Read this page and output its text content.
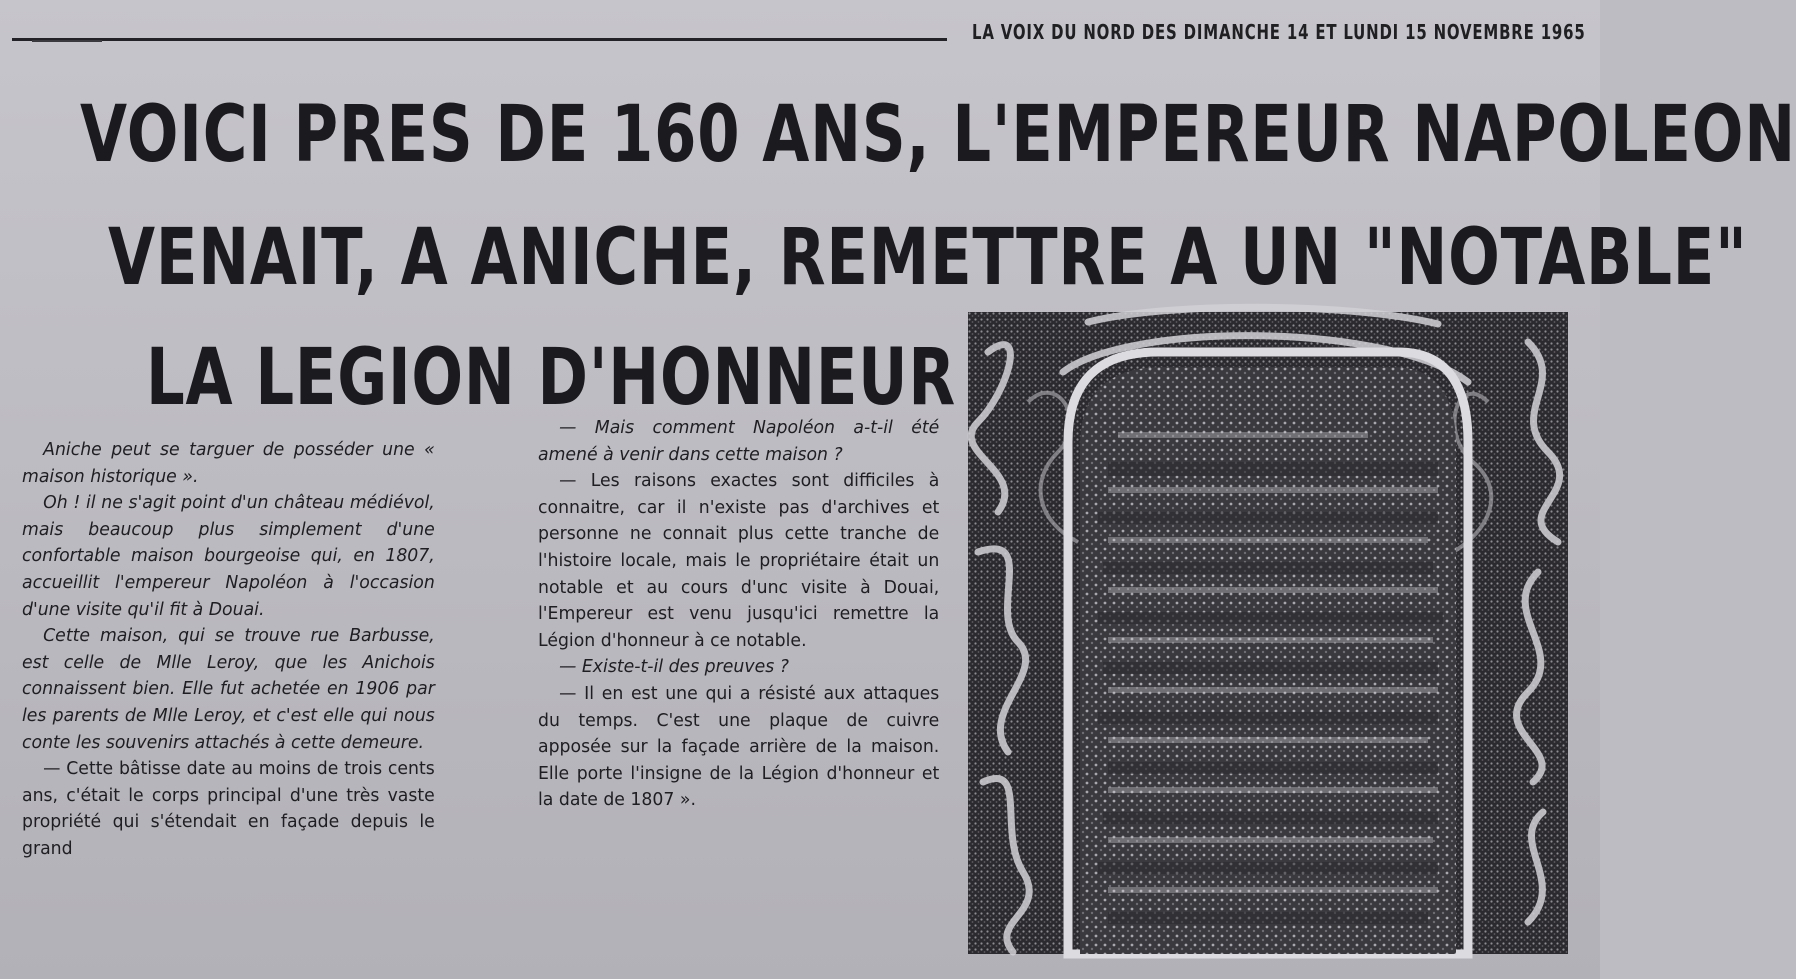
LA VOIX DU NORD DES DIMANCHE 14 ET LUNDI 15 NOVEMBRE 1965
VOICI PRES DE 160 ANS, L'EMPEREUR NAPOLEON
VENAIT, A ANICHE, REMETTRE A UN "NOTABLE"
LA LEGION D'HONNEUR

Aniche peut se targuer de posséder une « maison historique ».

Oh ! il ne s'agit point d'un château médiévol, mais beaucoup plus simplement d'une confortable maison bourgeoise qui, en 1807, accueillit l'empereur Napoléon à l'occasion d'une visite qu'il fit à Douai.

Cette maison, qui se trouve rue Barbusse, est celle de Mlle Leroy, que les Anichois connaissent bien. Elle fut achetée en 1906 par les parents de Mlle Leroy, et c'est elle qui nous conte les souvenirs attachés à cette demeure.

— Cette bâtisse date au moins de trois cents ans, c'était le corps principal d'une très vaste propriété qui s'étendait en façade depuis le grand

— Mais comment Napoléon a-t-il été amené à venir dans cette maison ?

— Les raisons exactes sont difficiles à connaitre, car il n'existe pas d'archives et personne ne connait plus cette tranche de l'histoire locale, mais le propriétaire était un notable et au cours d'unc visite à Douai, l'Empereur est venu jusqu'ici remettre la Légion d'honneur à ce notable.

— Existe-t-il des preuves ?

— Il en est une qui a résisté aux attaques du temps. C'est une plaque de cuivre apposée sur la façade arrière de la maison. Elle porte l'insigne de la Légion d'honneur et la date de 1807 ».
